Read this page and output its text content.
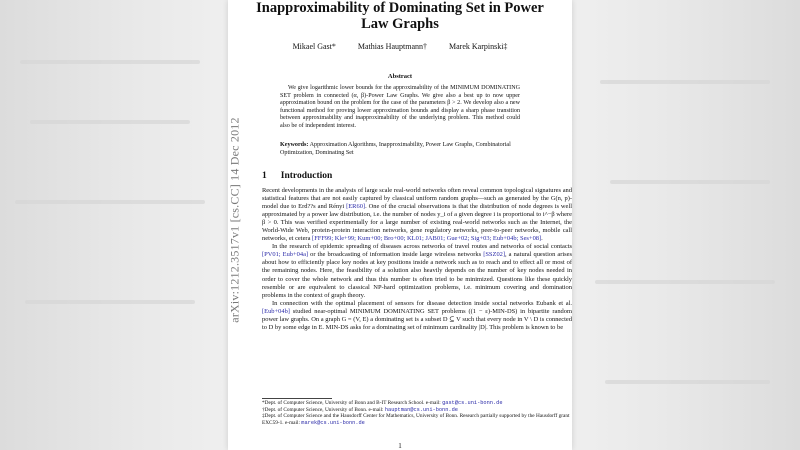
arXiv:1212.3517v1 [cs.CC] 14 Dec 2012
Inapproximability of Dominating Set in Power Law Graphs
Mikael Gast*	Mathias Hauptmann†	Marek Karpinski‡
Abstract

We give logarithmic lower bounds for the approximability of the MINIMUM DOMINATING SET problem in connected (α, β)-Power Law Graphs. We give also a best up to now upper approximation bound on the problem for the case of the parameters β > 2. We develop also a new functional method for proving lower approximation bounds and display a sharp phase transition between approximability and inapproximability of the underlying problem. This method could also be of independent interest.

Keywords: Approximation Algorithms, Inapproximability, Power Law Graphs, Combinatorial Optimization, Dominating Set

1 Introduction

Recent developments in the analysis of large scale real-world networks often reveal common topological signatures and statistical features that are not easily captured by classical uniform random graphs—such as generated by the G(n, p)-model due to Erd??s and Rényi [ER60]. One of the crucial observations is that the distribution of node degrees is well approximated by a power law distribution, i.e. the number of nodes y_i of a given degree i is proportional to i^−β where β > 0. This was verified experimentally for a large number of existing real-world networks such as the Internet, the World-Wide Web, protein-protein interaction networks, gene regulatory networks, peer-to-peer networks, mobile call networks, et cetera [FFF99; Kle+99; Kum+00; Bro+00; KL01; JAB01; Gue+02; Sig+03; Eub+04b; Ses+08].

In the research of epidemic spreading of diseases across networks of travel routes and networks of social contacts [PV01; Eub+04a] or the broadcasting of information inside large wireless networks [SSZ02], a natural question arises about how to efficiently place key nodes at key positions inside a network such as to reach and to effect all or most of the remaining nodes. Here, the feasibility of a solution also heavily depends on the number of key nodes needed in order to cover the whole network and thus this number is often tried to be minimized. Questions like these quickly resemble or are equivalent to classical NP-hard optimization problems, i.e. minimum covering and domination problems in the context of graph theory.

In connection with the optimal placement of sensors for disease detection inside social networks Eubank et al. [Eub+04b] studied near-optimal MINIMUM DOMINATING SET problems ((1 − ε)-MIN-DS) in bipartite random power law graphs. On a graph G = (V, E) a dominating set is a subset D ⊆ V such that every node in V \ D is connected to D by some edge in E. MIN-DS asks for a dominating set of minimum cardinality |D|. This problem is known to be

*Dept. of Computer Science, University of Bonn and B-IT Research School. e-mail: gast@cs.uni-bonn.de
†Dept. of Computer Science, University of Bonn. e-mail: hauptman@cs.uni-bonn.de
‡Dept. of Computer Science and the Hausdorff Center for Mathematics, University of Bonn. Research partially supported by the Hausdorff grant EXC59-1. e-mail: marek@cs.uni-bonn.de
1
